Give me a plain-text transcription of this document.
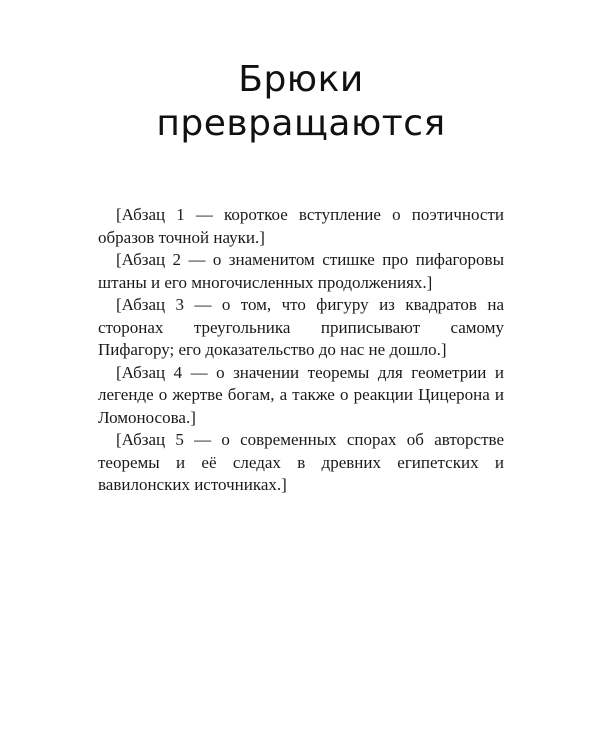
Брюки превращаются

[Абзац 1 — короткое вступление о поэтичности образов точной науки.]

[Абзац 2 — о знаменитом стишке про пифагоровы штаны и его многочисленных продолжениях.]

[Абзац 3 — о том, что фигуру из квадратов на сторонах треугольника приписывают самому Пифагору; его доказательство до нас не дошло.]

[Абзац 4 — о значении теоремы для геометрии и легенде о жертве богам, а также о реакции Цицерона и Ломоносова.]

[Абзац 5 — о современных спорах об авторстве теоремы и её следах в древних египетских и вавилонских источниках.]
